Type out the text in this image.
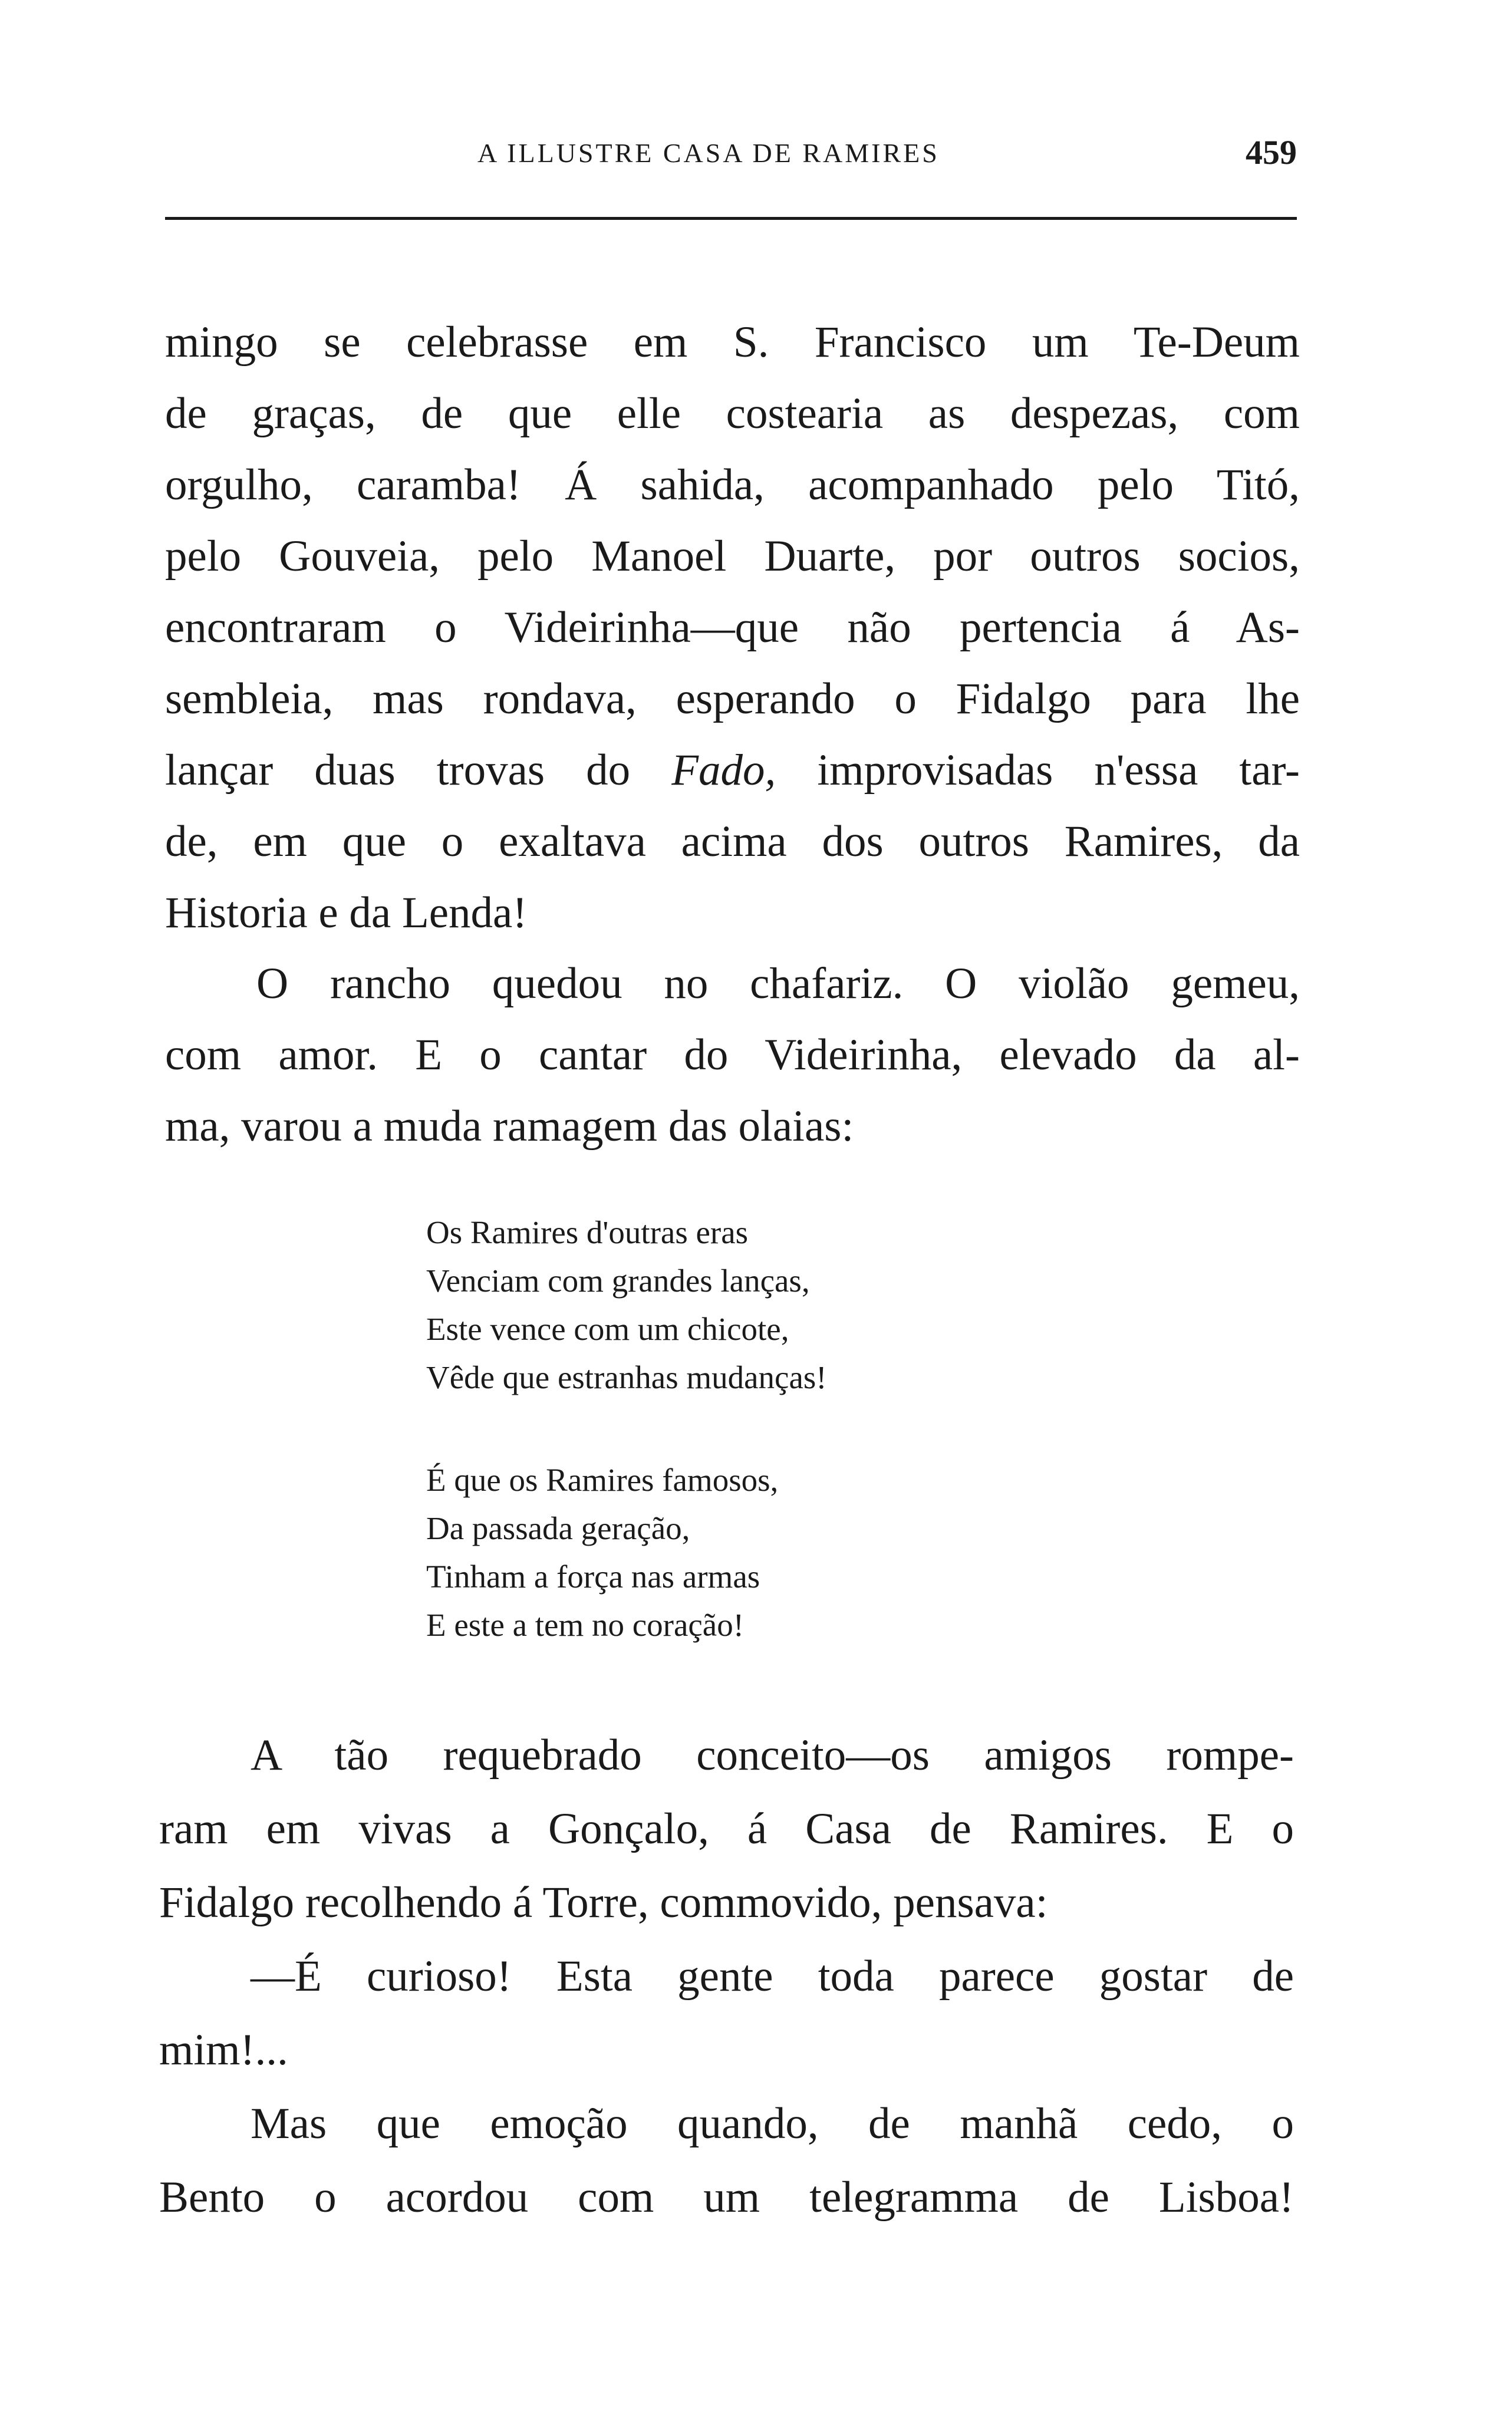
A ILLUSTRE CASA DE RAMIRES	459
mingo se celebrasse em S. Francisco um Te-Deum
de graças, de que elle costearia as despezas, com
orgulho, caramba! Á sahida, acompanhado pelo Titó,
pelo Gouveia, pelo Manoel Duarte, por outros socios,
encontraram o Videirinha—que não pertencia á As-
sembleia, mas rondava, esperando o Fidalgo para lhe
lançar duas trovas do Fado, improvisadas n'essa tar-
de, em que o exaltava acima dos outros Ramires, da
Historia e da Lenda!
O rancho quedou no chafariz. O violão gemeu,
com amor. E o cantar do Videirinha, elevado da al-
ma, varou a muda ramagem das olaias:
Os Ramires d'outras eras
Venciam com grandes lanças,
Este vence com um chicote,
Vêde que estranhas mudanças!
É que os Ramires famosos,
Da passada geração,
Tinham a força nas armas
E este a tem no coração!
A tão requebrado conceito—os amigos rompe-
ram em vivas a Gonçalo, á Casa de Ramires. E o
Fidalgo recolhendo á Torre, commovido, pensava:
—É curioso! Esta gente toda parece gostar de
mim!...
Mas que emoção quando, de manhã cedo, o
Bento o acordou com um telegramma de Lisboa!
